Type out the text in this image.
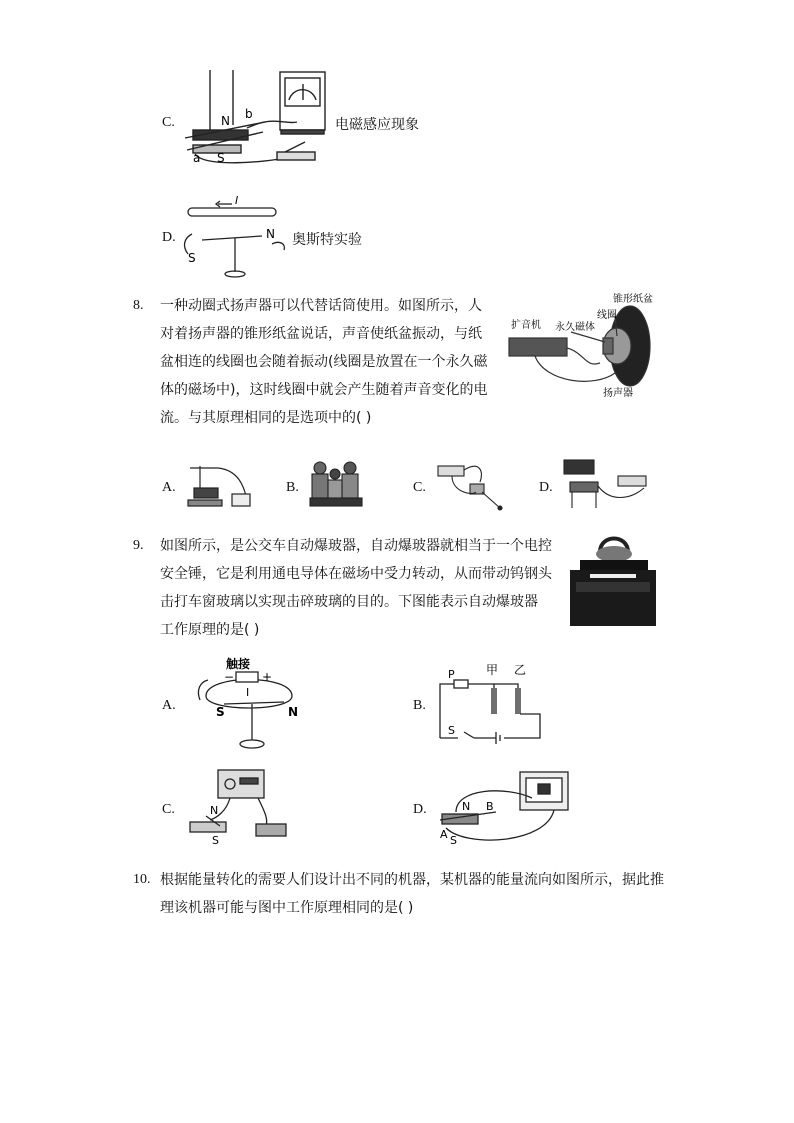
C.	N b
a S
电磁感应现象
D.
I
N
S
奥斯特实验
8. 一种动圈式扬声器可以代替话筒使用。如图所示，人
对着扬声器的锥形纸盆说话，声音使纸盆振动，与纸
盆相连的线圈也会随着振动(线圈是放置在一个永久磁
体的磁场中)，这时线圈中就会产生随着声音变化的电
流。与其原理相同的是选项中的( )
锥形纸盆
扩音机
线圈
永久磁体
扬声器
A.	B.	C.	D.
9. 如图所示，是公交车自动爆玻器，自动爆玻器就相当于一个电控
安全锤，它是利用通电导体在磁场中受力转动，从而带动钨钢头
击打车窗玻璃以实现击碎玻璃的目的。下图能表示自动爆玻器
工作原理的是( )
A.
触接
− +
I
S	N	B.
P	甲 乙
S
C.	N
S
D.	N B
A S
10. 根据能量转化的需要人们设计出不同的机器，某机器的能量流向如图所示，据此推
理该机器可能与图中工作原理相同的是( )
